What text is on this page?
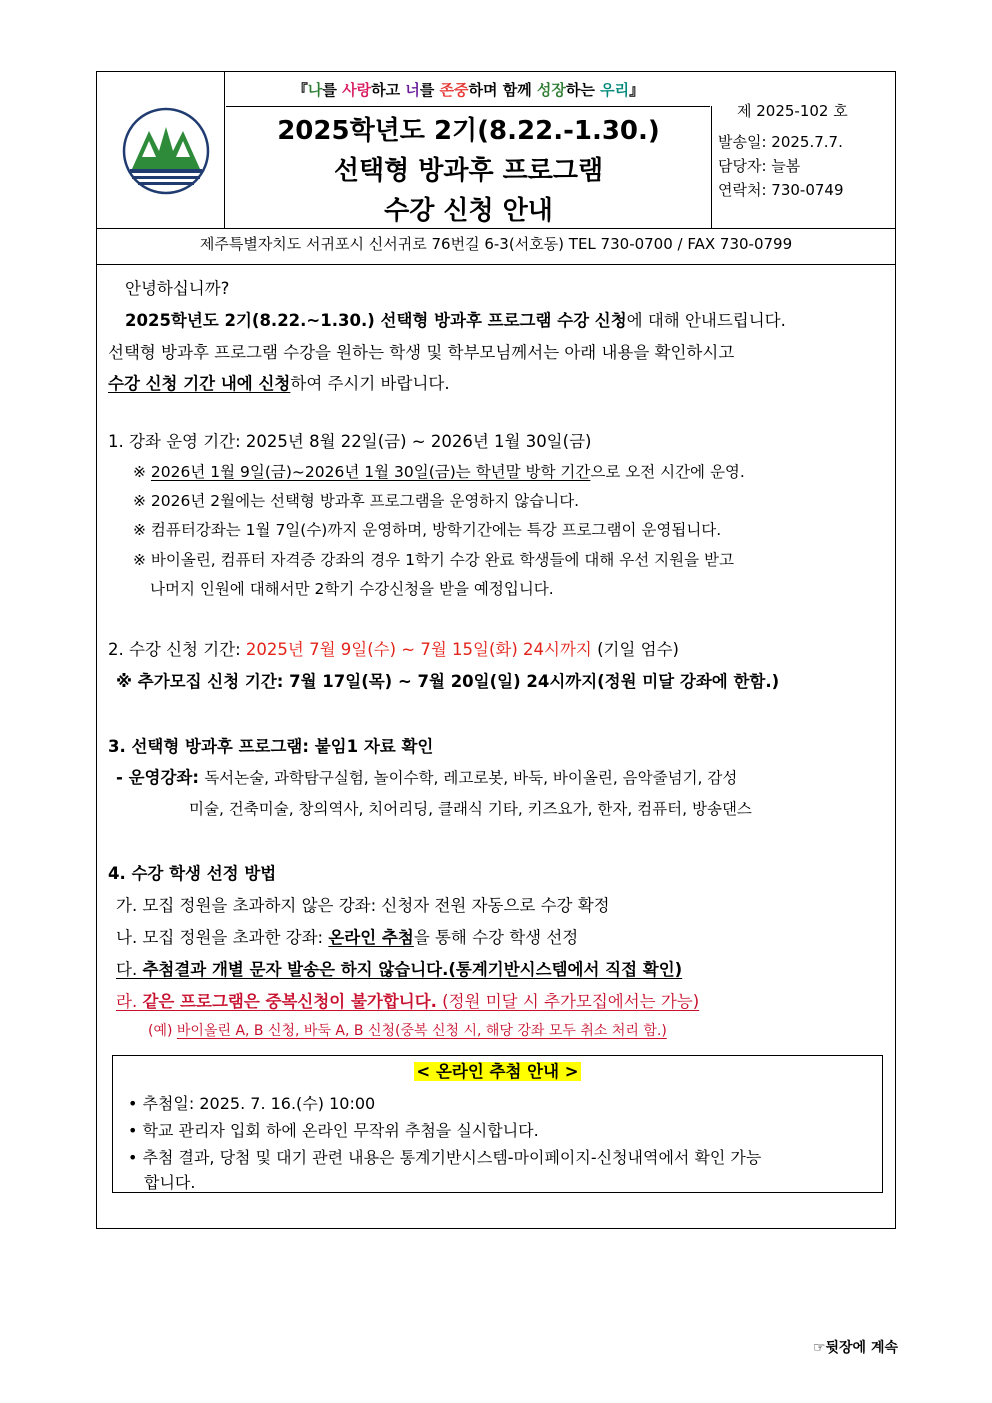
『나를 사랑하고 너를 존중하며 함께 성장하는 우리』
2025학년도 2기(8.22.-1.30.)
선택형 방과후 프로그램
수강 신청 안내
제 2025-102 호
발송일: 2025.7.7.
담당자: 늘봄
연락처: 730-0749
제주특별자치도 서귀포시 신서귀로 76번길 6-3(서호동) TEL 730-0700 / FAX 730-0799
안녕하십니까?
2025학년도 2기(8.22.~1.30.) 선택형 방과후 프로그램 수강 신청에 대해 안내드립니다.
선택형 방과후 프로그램 수강을 원하는 학생 및 학부모님께서는 아래 내용을 확인하시고
수강 신청 기간 내에 신청하여 주시기 바랍니다.
1. 강좌 운영 기간: 2025년 8월 22일(금) ~ 2026년 1월 30일(금)
※ 2026년 1월 9일(금)~2026년 1월 30일(금)는 학년말 방학 기간으로 오전 시간에 운영.
※ 2026년 2월에는 선택형 방과후 프로그램을 운영하지 않습니다.
※ 컴퓨터강좌는 1월 7일(수)까지 운영하며, 방학기간에는 특강 프로그램이 운영됩니다.
※ 바이올린, 컴퓨터 자격증 강좌의 경우 1학기 수강 완료 학생들에 대해 우선 지원을 받고
나머지 인원에 대해서만 2학기 수강신청을 받을 예정입니다.
2. 수강 신청 기간: 2025년 7월 9일(수) ~ 7월 15일(화) 24시까지 (기일 엄수)
※ 추가모집 신청 기간: 7월 17일(목) ~ 7월 20일(일) 24시까지(정원 미달 강좌에 한함.)
3. 선택형 방과후 프로그램: 붙임1 자료 확인
- 운영강좌: 독서논술, 과학탐구실험, 놀이수학, 레고로봇, 바둑, 바이올린, 음악줄넘기, 감성
미술, 건축미술, 창의역사, 치어리딩, 클래식 기타, 키즈요가, 한자, 컴퓨터, 방송댄스
4. 수강 학생 선정 방법
가. 모집 정원을 초과하지 않은 강좌: 신청자 전원 자동으로 수강 확정
나. 모집 정원을 초과한 강좌: 온라인 추첨을 통해 수강 학생 선정
다. 추첨결과 개별 문자 발송은 하지 않습니다.(통계기반시스템에서 직접 확인)
라. 같은 프로그램은 중복신청이 불가합니다. (정원 미달 시 추가모집에서는 가능)
(예) 바이올린 A, B 신청, 바둑 A, B 신청(중복 신청 시, 해당 강좌 모두 취소 처리 함.)
< 온라인 추첨 안내 >
• 추첨일: 2025. 7. 16.(수) 10:00
• 학교 관리자 입회 하에 온라인 무작위 추첨을 실시합니다.
• 추첨 결과, 당첨 및 대기 관련 내용은 통계기반시스템-마이페이지-신청내역에서 확인 가능
합니다.
☞뒷장에 계속
